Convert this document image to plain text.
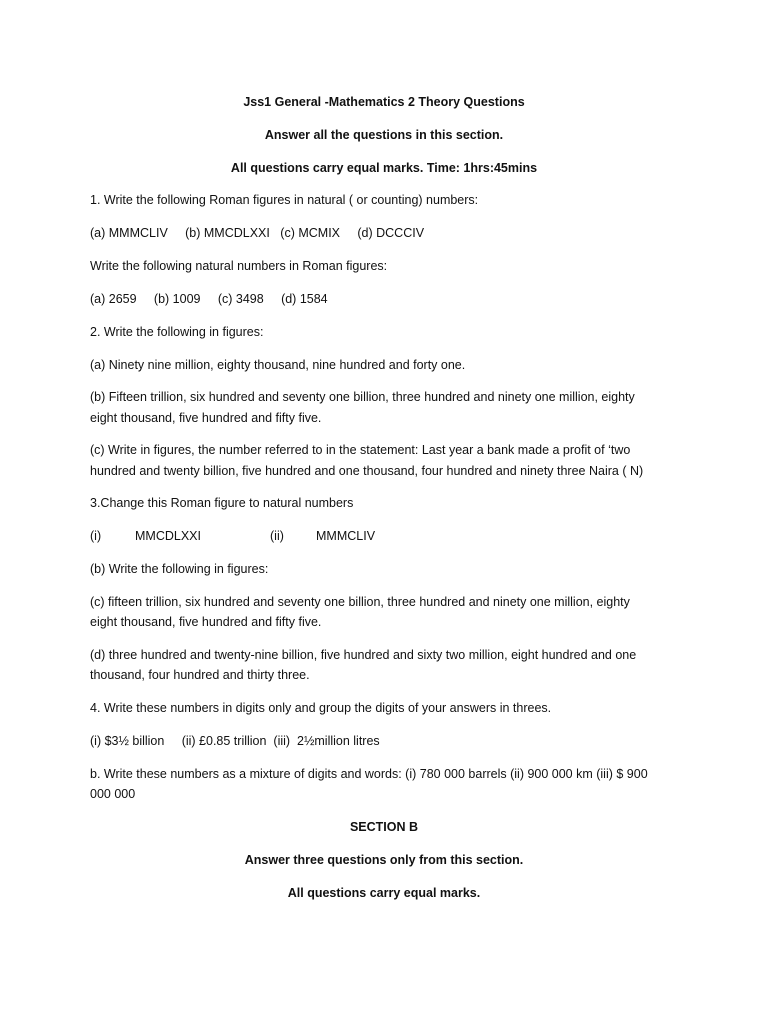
Jss1 General -Mathematics 2 Theory Questions
Answer all the questions in this section.
All questions carry equal marks. Time: 1hrs:45mins
1. Write the following Roman figures in natural ( or counting) numbers:
(a) MMMCLIV     (b) MMCDLXXI   (c) MCMIX     (d) DCCCIV
Write the following natural numbers in Roman figures:
(a) 2659     (b) 1009     (c) 3498     (d) 1584
2. Write the following in figures:
(a) Ninety nine million, eighty thousand, nine hundred and forty one.
(b) Fifteen trillion, six hundred and seventy one billion, three hundred and ninety one million, eighty
eight thousand, five hundred and fifty five.
(c) Write in figures, the number referred to in the statement: Last year a bank made a profit of ‘two
hundred and twenty billion, five hundred and one thousand, four hundred and ninety three Naira ( N)
3.Change this Roman figure to natural numbers
(i)	MMCDLXXI	(ii)	MMMCLIV
(b) Write the following in figures:
(c) fifteen trillion, six hundred and seventy one billion, three hundred and ninety one million, eighty
eight thousand, five hundred and fifty five.
(d) three hundred and twenty-nine billion, five hundred and sixty two million, eight hundred and one
thousand, four hundred and thirty three.
4. Write these numbers in digits only and group the digits of your answers in threes.
(i) $3½ billion     (ii) £0.85 trillion  (iii)  2½million litres
b. Write these numbers as a mixture of digits and words: (i) 780 000 barrels (ii) 900 000 km (iii) $ 900
000 000
SECTION B
Answer three questions only from this section.
All questions carry equal marks.
